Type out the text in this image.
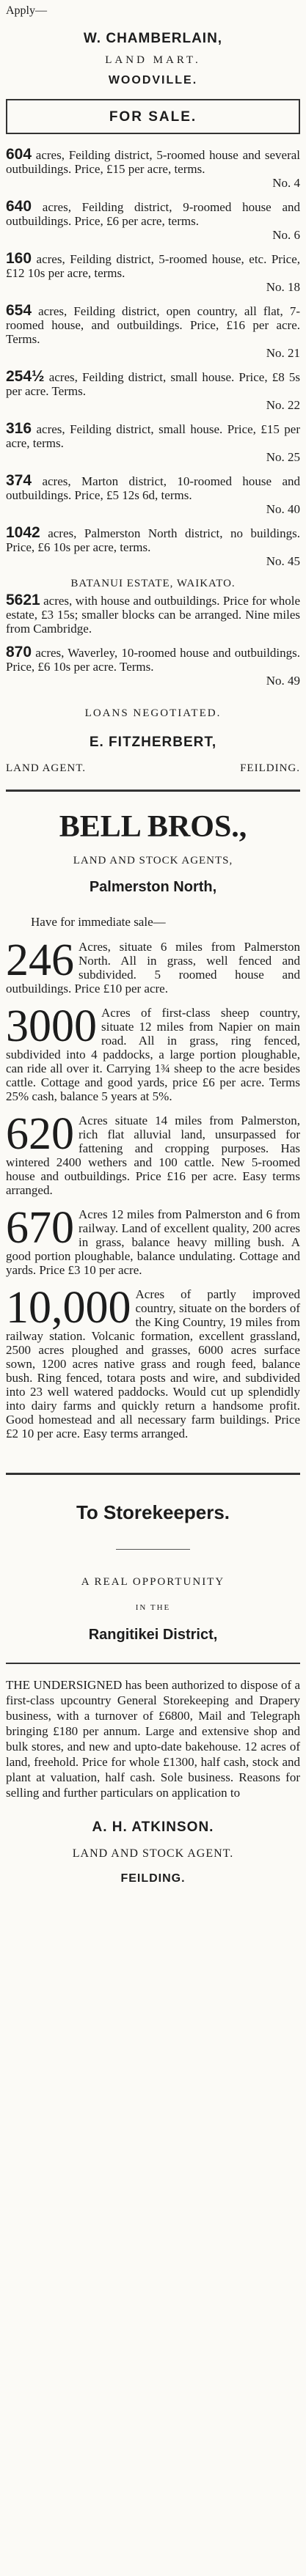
Apply—

W. CHAMBERLAIN,

LAND MART.

WOODVILLE.

FOR SALE.

604 acres, Feilding district, 5-roomed house and several outbuildings. Price, £15 per acre, terms.
No. 4

640 acres, Feilding district, 9-roomed house and outbuildings. Price, £6 per acre, terms.
No. 6

160 acres, Feilding district, 5-roomed house, etc. Price, £12 10s per acre, terms.
No. 18

654 acres, Feilding district, open country, all flat, 7-roomed house, and outbuildings. Price, £16 per acre. Terms.
No. 21

254½ acres, Feilding district, small house. Price, £8 5s per acre. Terms.
No. 22

316 acres, Feilding district, small house. Price, £15 per acre, terms.
No. 25

374 acres, Marton district, 10-roomed house and outbuildings. Price, £5 12s 6d, terms.
No. 40

1042 acres, Palmerston North district, no buildings. Price, £6 10s per acre, terms.
No. 45

BATANUI ESTATE, WAIKATO.

5621 acres, with house and outbuildings. Price for whole estate, £3 15s; smaller blocks can be arranged. Nine miles from Cambridge.

870 acres, Waverley, 10-roomed house and outbuildings. Price, £6 10s per acre. Terms.
No. 49

LOANS NEGOTIATED.

E. FITZHERBERT,

LAND AGENT.	FEILDING.

BELL BROS.,

LAND AND STOCK AGENTS,

Palmerston North,

Have for immediate sale—

246 Acres, situate 6 miles from Palmerston North. All in grass, well fenced and subdivided. 5 roomed house and outbuildings. Price £10 per acre.

3000 Acres of first-class sheep country, situate 12 miles from Napier on main road. All in grass, ring fenced, subdivided into 4 paddocks, a large portion ploughable, can ride all over it. Carrying 1¾ sheep to the acre besides cattle. Cottage and good yards, price £6 per acre. Terms 25% cash, balance 5 years at 5%.

620 Acres situate 14 miles from Palmerston, rich flat alluvial land, unsurpassed for fattening and cropping purposes. Has wintered 2400 wethers and 100 cattle. New 5-roomed house and outbuildings. Price £16 per acre. Easy terms arranged.

670 Acres 12 miles from Palmerston and 6 from railway. Land of excellent quality, 200 acres in grass, balance heavy milling bush. A good portion ploughable, balance undulating. Cottage and yards. Price £3 10 per acre.

10,000 Acres of partly improved country, situate on the borders of the King Country, 19 miles from railway station. Volcanic formation, excellent grassland, 2500 acres ploughed and grasses, 6000 acres surface sown, 1200 acres native grass and rough feed, balance bush. Ring fenced, totara posts and wire, and subdivided into 23 well watered paddocks. Would cut up splendidly into dairy farms and quickly return a handsome profit. Good homestead and all necessary farm buildings. Price £2 10 per acre. Easy terms arranged.

To Storekeepers.

A REAL OPPORTUNITY

IN THE

Rangitikei District,

THE UNDERSIGNED has been authorized to dispose of a first-class upcountry General Storekeeping and Drapery business, with a turnover of £6800, Mail and Telegraph bringing £180 per annum. Large and extensive shop and bulk stores, and new and upto-date bakehouse. 12 acres of land, freehold. Price for whole £1300, half cash, stock and plant at valuation, half cash. Sole business. Reasons for selling and further particulars on application to

A. H. ATKINSON.

LAND AND STOCK AGENT.

FEILDING.
